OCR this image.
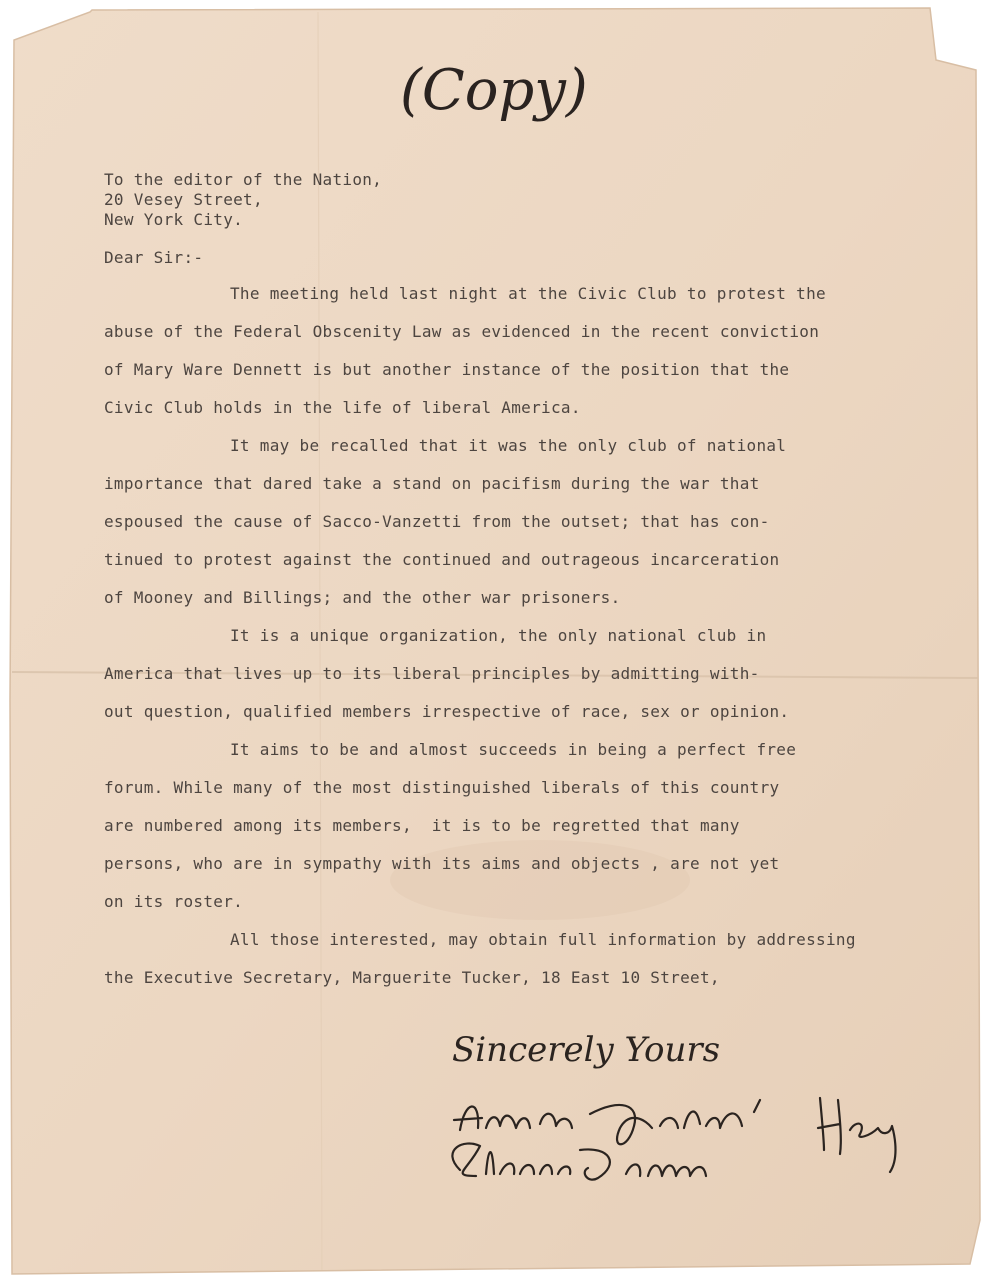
(Copy)
To the editor of the Nation,
20 Vesey Street,
New York City.
Dear Sir:-
The meeting held last night at the Civic Club to protest the
abuse of the Federal Obscenity Law as evidenced in the recent conviction
of Mary Ware Dennett is but another instance of the position that the
Civic Club holds in the life of liberal America.
It may be recalled that it was the only club of national
importance that dared take a stand on pacifism during the war that
espoused the cause of Sacco-Vanzetti from the outset; that has con-
tinued to protest against the continued and outrageous incarceration
of Mooney and Billings; and the other war prisoners.
It is a unique organization, the only national club in
America that lives up to its liberal principles by admitting with-
out question, qualified members irrespective of race, sex or opinion.
It aims to be and almost succeeds in being a perfect free
forum. While many of the most distinguished liberals of this country
are numbered among its members,  it is to be regretted that many
persons, who are in sympathy with its aims and objects , are not yet
on its roster.
All those interested, may obtain full information by addressing
the Executive Secretary, Marguerite Tucker, 18 East 10 Street,
Sincerely Yours
